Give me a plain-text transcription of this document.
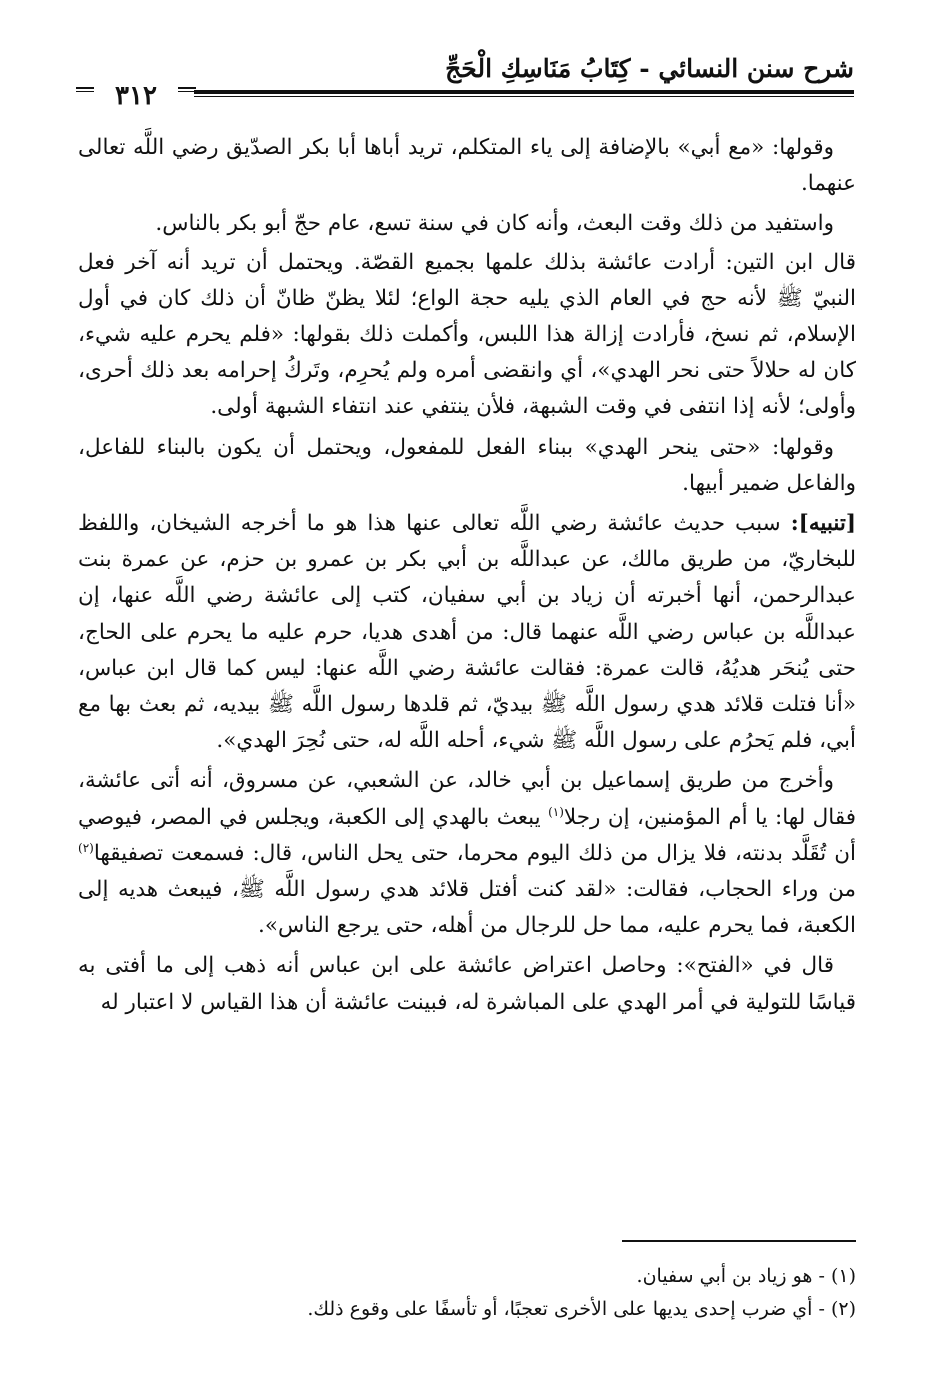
شرح سنن النسائي - كِتَابُ مَنَاسِكِ الْحَجِّ
٣١٢

وقولها: «مع أبي» بالإضافة إلى ياء المتكلم، تريد أباها أبا بكر الصدّيق رضي اللَّه تعالى عنهما.

واستفيد من ذلك وقت البعث، وأنه كان في سنة تسع، عام حجّ أبو بكر بالناس.

قال ابن التين: أرادت عائشة بذلك علمها بجميع القصّة. ويحتمل أن تريد أنه آخر فعل النبيّ ﷺ لأنه حج في العام الذي يليه حجة الواع؛ لئلا يظنّ ظانّ أن ذلك كان في أول الإسلام، ثم نسخ، فأرادت إزالة هذا اللبس، وأكملت ذلك بقولها: «فلم يحرم عليه شيء، كان له حلالاً حتى نحر الهدي»، أي وانقضى أمره ولم يُحرِم، وتَركُ إحرامه بعد ذلك أحرى، وأولى؛ لأنه إذا انتفى في وقت الشبهة، فلأن ينتفي عند انتفاء الشبهة أولى.

وقولها: «حتى ينحر الهدي» ببناء الفعل للمفعول، ويحتمل أن يكون بالبناء للفاعل، والفاعل ضمير أبيها.

[تنبيه]: سبب حديث عائشة رضي اللَّه تعالى عنها هذا هو ما أخرجه الشيخان، واللفظ للبخاريّ، من طريق مالك، عن عبداللَّه بن أبي بكر بن عمرو بن حزم، عن عمرة بنت عبدالرحمن، أنها أخبرته أن زياد بن أبي سفيان، كتب إلى عائشة رضي اللَّه عنها، إن عبداللَّه بن عباس رضي اللَّه عنهما قال: من أهدى هديا، حرم عليه ما يحرم على الحاج، حتى يُنحَر هديُهُ، قالت عمرة: فقالت عائشة رضي اللَّه عنها: ليس كما قال ابن عباس، «أنا فتلت قلائد هدي رسول اللَّه ﷺ بيديّ، ثم قلدها رسول اللَّه ﷺ بيديه، ثم بعث بها مع أبي، فلم يَحرُم على رسول اللَّه ﷺ شيء، أحله اللَّه له، حتى نُحِرَ الهدي».

وأخرج من طريق إسماعيل بن أبي خالد، عن الشعبي، عن مسروق، أنه أتى عائشة، فقال لها: يا أم المؤمنين، إن رجلا$^{(١)}$ يبعث بالهدي إلى الكعبة، ويجلس في المصر، فيوصي أن تُقَلَّد بدنته، فلا يزال من ذلك اليوم محرما، حتى يحل الناس، قال: فسمعت تصفيقها$^{(٢)}$ من وراء الحجاب، فقالت: «لقد كنت أفتل قلائد هدي رسول اللَّه ﷺ، فيبعث هديه إلى الكعبة، فما يحرم عليه، مما حل للرجال من أهله، حتى يرجع الناس».

قال في «الفتح»: وحاصل اعتراض عائشة على ابن عباس أنه ذهب إلى ما أفتى به قياسًا للتولية في أمر الهدي على المباشرة له، فبينت عائشة أن هذا القياس لا اعتبار له

(١) - هو زياد بن أبي سفيان.

(٢) - أي ضرب إحدى يديها على الأخرى تعجبًا، أو تأسفًا على وقوع ذلك.
